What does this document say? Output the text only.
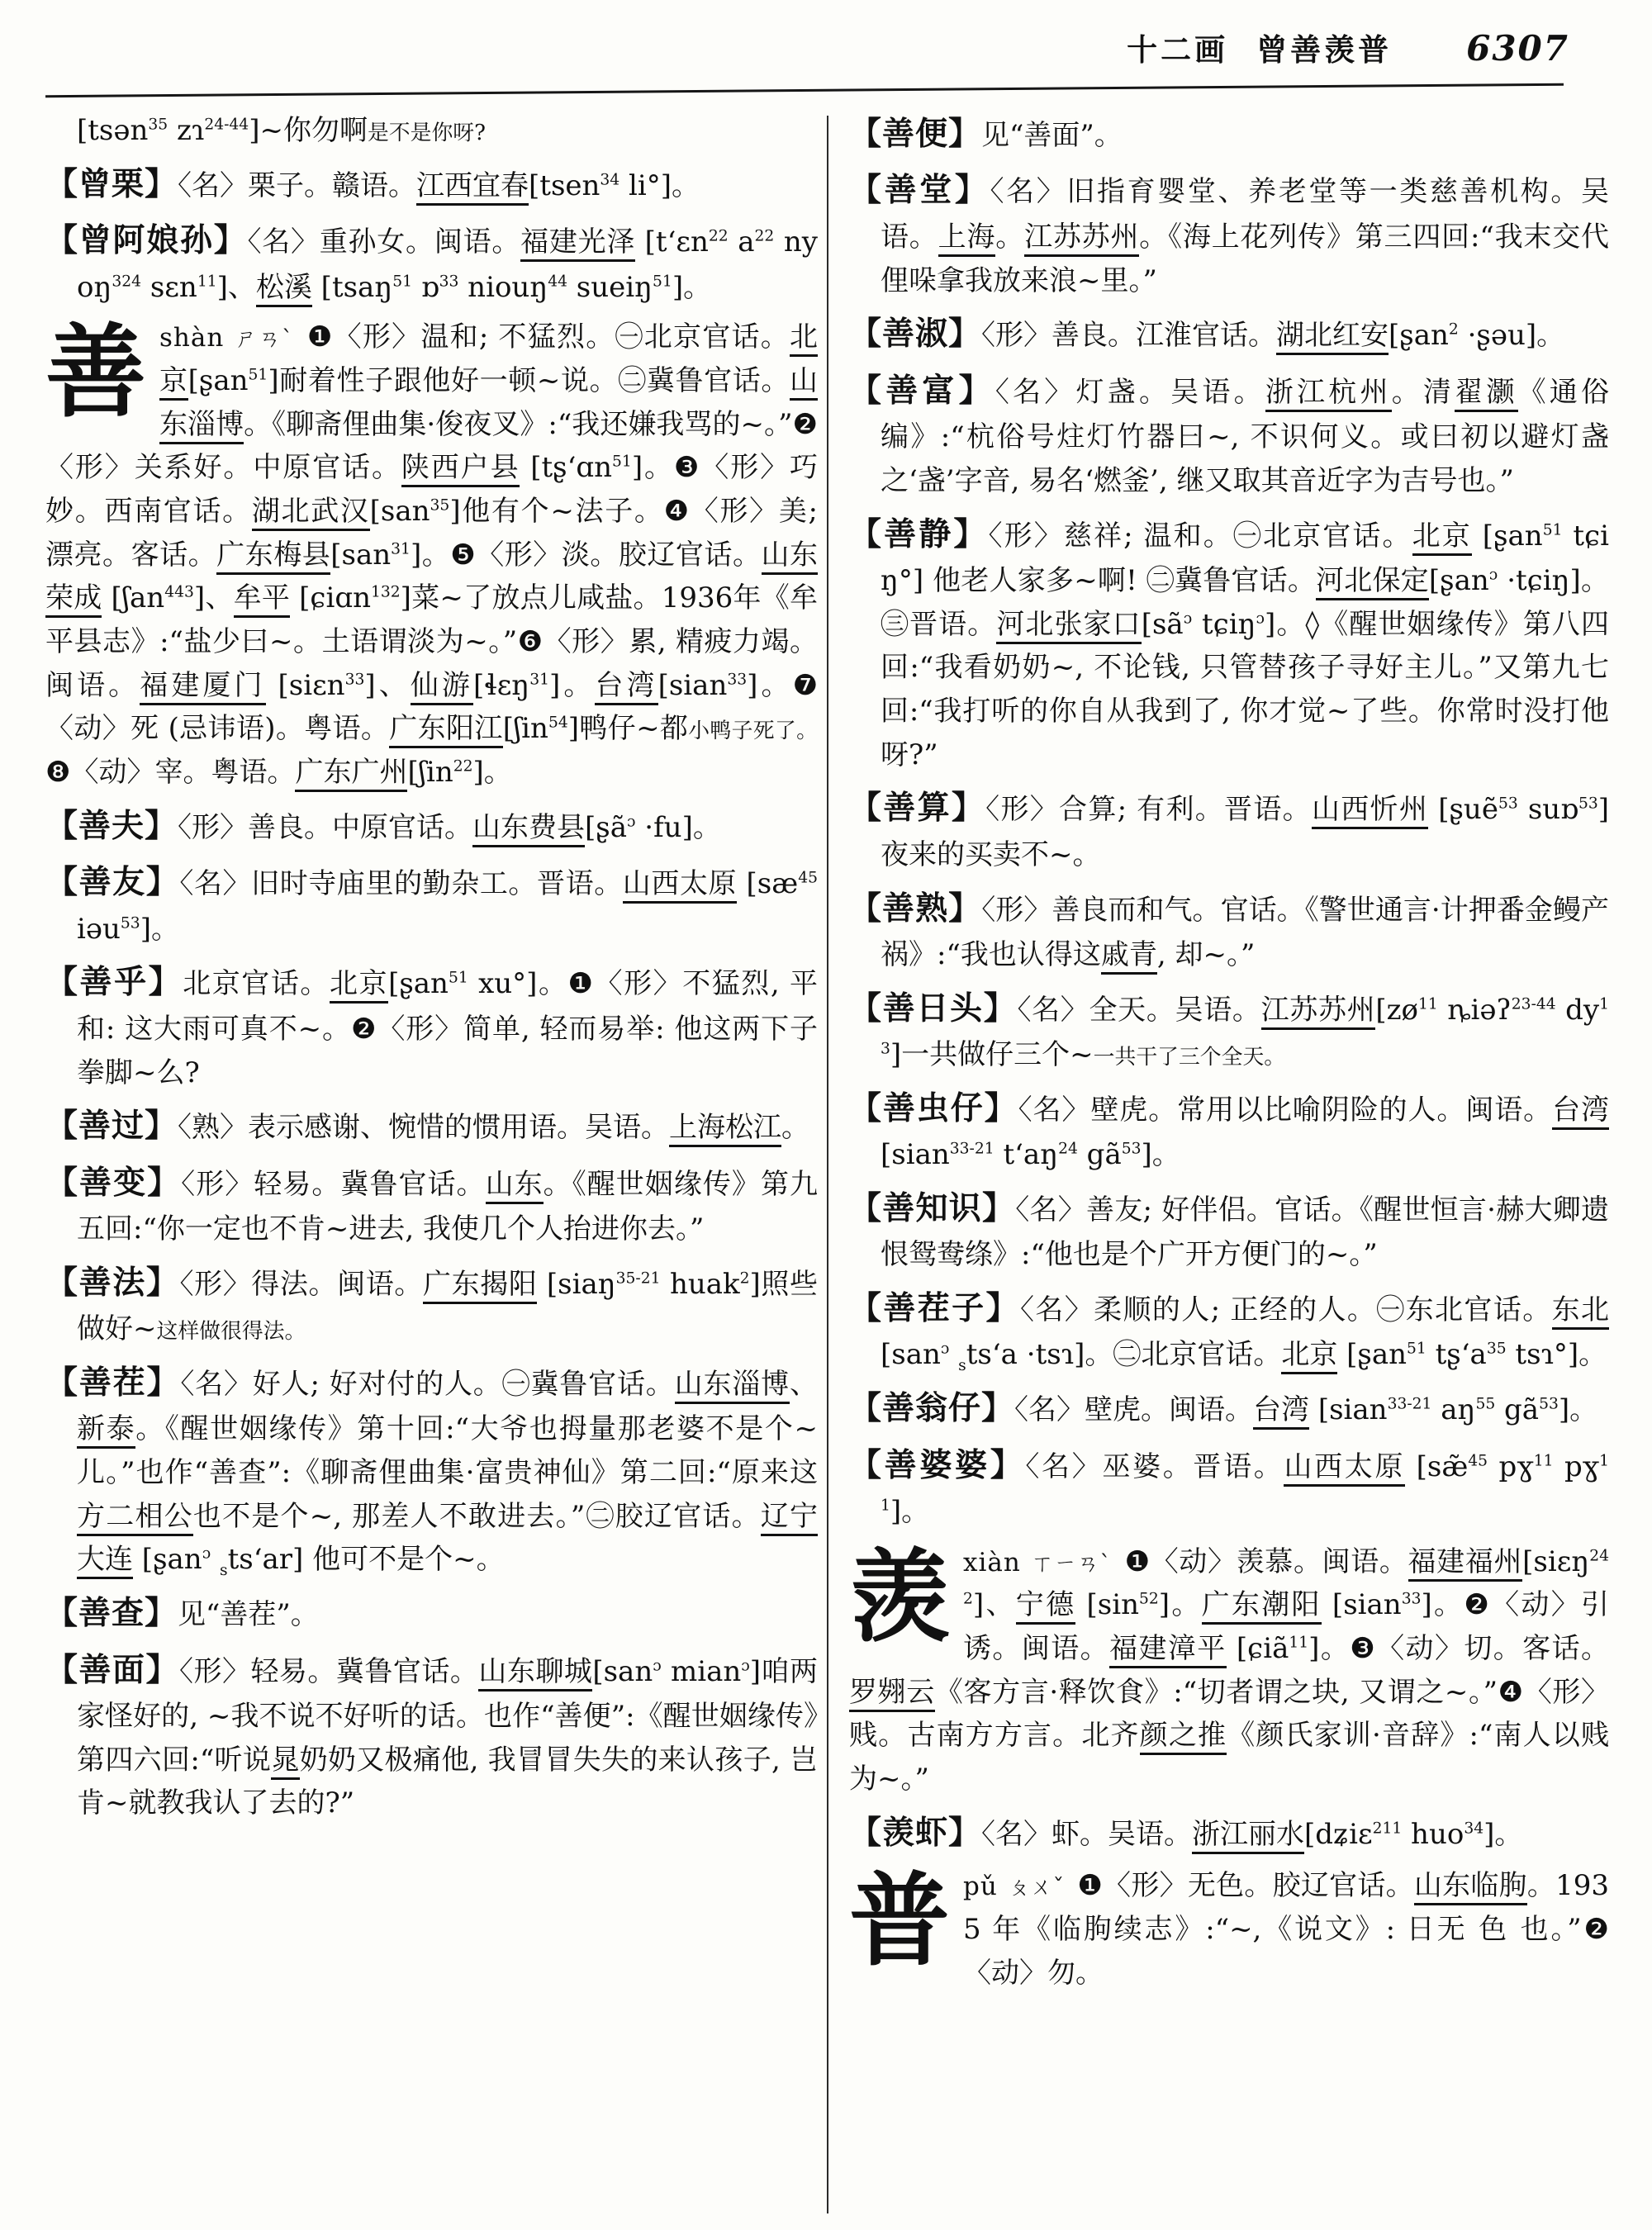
十二画 曾善羡普 6307
[tsən$^{35}$ zɿ$^{24-44}$]~你勿啊是不是你呀?
【曾栗】〈名〉栗子。赣语。江西宜春[tsen$^{34}$ li°]。
【曾阿娘孙】〈名〉重孙女。闽语。福建光泽 [t‘ɛn$^{22}$ $a^{22}$ nyoŋ$^{324}$ sɛn$^{11}$]、松溪 [tsaŋ$^{51}$ ɒ$^{33}$ niouŋ$^{44}$ sueiŋ$^{51}$]。
善shàn ㄕㄢˋ ❶〈形〉温和; 不猛烈。㊀北京官话。北京[ʂan$^{51}$]耐着性子跟他好一顿~说。㊁冀鲁官话。山东淄博。《聊斋俚曲集·俊夜叉》:“我还嫌我骂的~。”❷〈形〉关系好。中原官话。陕西户县 [tʂ‘ɑn$^{51}$]。❸〈形〉巧妙。西南官话。湖北武汉[san$^{35}$]他有个~法子。❹〈形〉美; 漂亮。客话。广东梅县[san$^{31}$]。❺〈形〉淡。胶辽官话。山东荣成 [ʃan$^{443}$]、牟平 [ɕiɑn$^{132}$]菜~了放点儿咸盐。1936年《牟平县志》:“盐少曰~。土语谓淡为~。”❻〈形〉累, 精疲力竭。闽语。福建厦门 [siɛn$^{33}$]、仙游[ɬɛŋ$^{31}$]。台湾[sian$^{33}$]。❼〈动〉死 (忌讳语)。粤语。广东阳江[ʃin$^{54}$]鸭仔~都小鸭子死了。❽〈动〉宰。粤语。广东广州[ʃin$^{22}$]。
【善夫】〈形〉善良。中原官话。山东费县[ʂã$^ɔ$ ·fu]。
【善友】〈名〉旧时寺庙里的勤杂工。晋语。山西太原 [$sæ^{45}$ iəu$^{53}$]。
【善乎】北京官话。北京[ʂan$^{51}$ xu°]。❶〈形〉不猛烈, 平和: 这大雨可真不~。❷〈形〉简单, 轻而易举: 他这两下子拳脚~么?
【善过】〈熟〉表示感谢、惋惜的惯用语。吴语。上海松江。
【善变】〈形〉轻易。冀鲁官话。山东。《醒世姻缘传》第九五回:“你一定也不肯~进去, 我使几个人抬进你去。”
【善法】〈形〉得法。闽语。广东揭阳 [siaŋ$^{35-21}$ huak$^2$]照些做好~这样做很得法。
【善茬】〈名〉好人; 好对付的人。㊀冀鲁官话。山东淄博、新泰。《醒世姻缘传》第十回:“大爷也拇量那老婆不是个~儿。”也作“善查”:《聊斋俚曲集·富贵神仙》第二回:“原来这方二相公也不是个~, 那差人不敢进去。”㊁胶辽官话。辽宁大连 [ʂan$^ɔ$ $_s$ts‘ar] 他可不是个~。
【善查】见“善茬”。
【善面】〈形〉轻易。冀鲁官话。山东聊城[san$^ɔ$ mian$^ɔ$]咱两家怪好的, ~我不说不好听的话。也作“善便”:《醒世姻缘传》第四六回:“听说晁奶奶又极痛他, 我冒冒失失的来认孩子, 岂肯~就教我认了去的?”
【善便】见“善面”。
【善堂】〈名〉旧指育婴堂、养老堂等一类慈善机构。吴语。上海。江苏苏州。《海上花列传》第三四回:“我末交代俚哚拿我放来浪~里。”
【善淑】〈形〉善良。江淮官话。湖北红安[ʂan$^2$ ·ʂəu]。
【善富】〈名〉灯盏。吴语。浙江杭州。清翟灏《通俗编》:“杭俗号炷灯竹器曰~, 不识何义。或曰初以避灯盏之‘盏’字音, 易名‘燃釜’, 继又取其音近字为吉号也。”
【善静】〈形〉慈祥; 温和。㊀北京官话。北京 [ʂan$^{51}$ tɕiŋ°] 他老人家多~啊! ㊁冀鲁官话。河北保定[ʂan$^ɔ$ ·tɕiŋ]。㊂晋语。河北张家口[$sã^ɔ$ tɕiŋ$^ɔ$]。◊《醒世姻缘传》第八四回:“我看奶奶~, 不论钱, 只管替孩子寻好主儿。”又第九七回:“我打听的你自从我到了, 你才觉~了些。你常时没打他呀?”
【善算】〈形〉合算; 有利。晋语。山西忻州 [ʂuẽ$^{53}$ suɒ$^{53}$]夜来的买卖不~。
【善熟】〈形〉善良而和气。官话。《警世通言·计押番金鳗产祸》:“我也认得这戚青, 却~。”
【善日头】〈名〉全天。吴语。江苏苏州[$zø^{11}$ ȵiəʔ$^{23-44}$ $dy^{13}$]一共做仔三个~一共干了三个全天。
【善虫仔】〈名〉壁虎。常用以比喻阴险的人。闽语。台湾 [sian$^{33-21}$ $t‘aŋ^{24}$ $gã^{53}$]。
【善知识】〈名〉善友; 好伴侣。官话。《醒世恒言·赫大卿遗恨鸳鸯绦》:“他也是个广开方便门的~。”
【善茬子】〈名〉柔顺的人; 正经的人。㊀东北官话。东北 [san$^ɔ$ $_s$ts‘a ·tsɿ]。㊁北京官话。北京 [ʂan$^{51}$ $tʂ‘a^{35}$ tsɿ°]。
【善翁仔】〈名〉壁虎。闽语。台湾 [sian$^{33-21}$ $aŋ^{55}$ $gã^{53}$]。
【善婆婆】〈名〉巫婆。晋语。山西太原 [sæ̃$^{45}$ pɣ$^{11}$ pɣ$^{11}$]。
羡xiàn ㄒㄧㄢˋ ❶〈动〉羡慕。闽语。福建福州[siɛŋ$^{242}$]、宁德 $[\sin^{52}]$。广东潮阳 [sian$^{33}$]。❷〈动〉引诱。闽语。福建漳平 [ɕiã$^{11}$]。❸〈动〉切。客话。罗翙云《客方言·释饮食》:“切者谓之块, 又谓之~。”❹〈形〉贱。古南方方言。北齐颜之推《颜氏家训·音辞》:“南人以贱为~。”
【羡虾】〈名〉虾。吴语。浙江丽水[dʑiɛ$^{211}$ huo$^{34}$]。
普pǔ ㄆㄨˇ ❶〈形〉无色。胶辽官话。山东临朐。1935 年《临朐续志》:“~,《说文》: 日无 色 也。”❷〈动〉勿。
